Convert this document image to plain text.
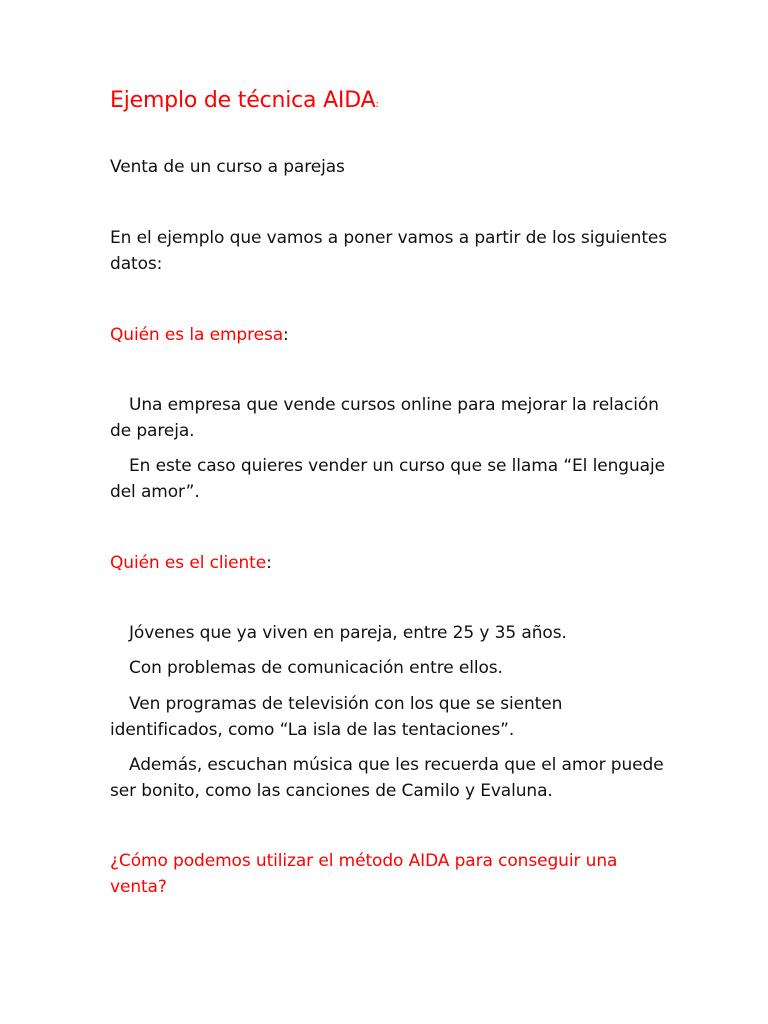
Ejemplo de técnica AIDA:
Venta de un curso a parejas
En el ejemplo que vamos a poner vamos a partir de los siguientes datos:
Quién es la empresa:
Una empresa que vende cursos online para mejorar la relación de pareja.
En este caso quieres vender un curso que se llama “El lenguaje del amor”.
Quién es el cliente:
Jóvenes que ya viven en pareja, entre 25 y 35 años.
Con problemas de comunicación entre ellos.
Ven programas de televisión con los que se sienten identificados, como “La isla de las tentaciones”.
Además, escuchan música que les recuerda que el amor puede ser bonito, como las canciones de Camilo y Evaluna.
¿Cómo podemos utilizar el método AIDA para conseguir una venta?
